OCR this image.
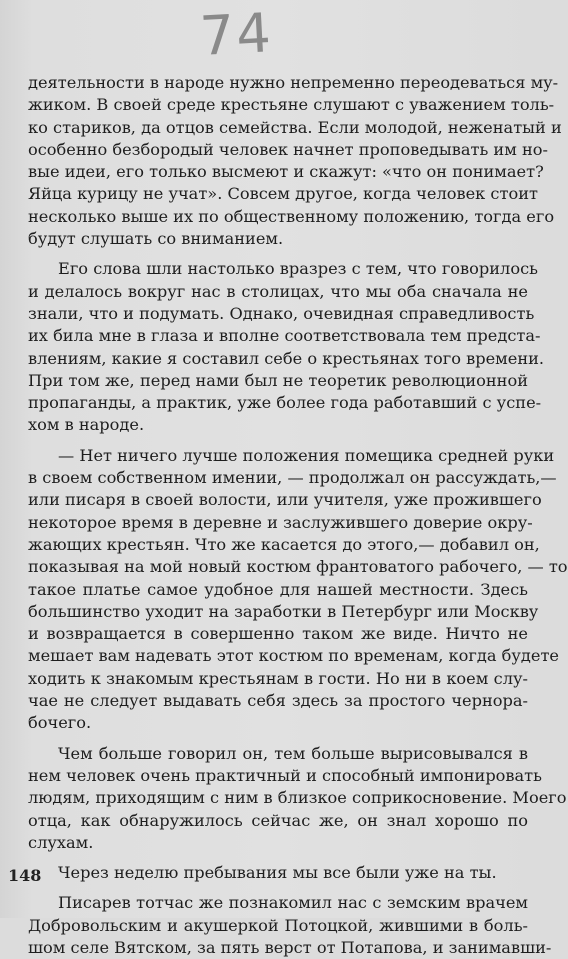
74
деятельности в народе нужно непременно переодеваться му-
жиком. В своей среде крестьяне слушают с уважением толь-
ко стариков, да отцов семейства. Если молодой, неженатый и
особенно безбородый человек начнет проповедывать им но-
вые идеи, его только высмеют и скажут: «что он понимает?
Яйца курицу не учат». Совсем другое, когда человек стоит
несколько выше их по общественному положению, тогда его
будут слушать со вниманием.
Его слова шли настолько вразрез с тем, что говорилось
и делалось вокруг нас в столицах, что мы оба сначала не
знали, что и подумать. Однако, очевидная справедливость
их била мне в глаза и вполне соответствовала тем предста-
влениям, какие я составил себе о крестьянах того времени.
При том же, перед нами был не теоретик революционной
пропаганды, а практик, уже более года работавший с успе-
хом в народе.
— Нет ничего лучше положения помещика средней руки
в своем собственном имении, — продолжал он рассуждать,—
или писаря в своей волости, или учителя, уже прожившего
некоторое время в деревне и заслужившего доверие окру-
жающих крестьян. Что же касается до этого,— добавил он,
показывая на мой новый костюм франтоватого рабочего, — то
такое платье самое удобное для нашей местности. Здесь
большинство уходит на заработки в Петербург или Москву
и возвращается в совершенно таком же виде. Ничто не
мешает вам надевать этот костюм по временам, когда будете
ходить к знакомым крестьянам в гости. Но ни в коем слу-
чае не следует выдавать себя здесь за простого чернора-
бочего.
Чем больше говорил он, тем больше вырисовывался в
нем человек очень практичный и способный импонировать
людям, приходящим с ним в близкое соприкосновение. Моего
отца, как обнаружилось сейчас же, он знал хорошо по
слухам.
Через неделю пребывания мы все были уже на ты.
Писарев тотчас же познакомил нас с земским врачем
Добровольским и акушеркой Потоцкой, жившими в боль-
шом селе Вятском, за пять верст от Потапова, и занимавши-
148
